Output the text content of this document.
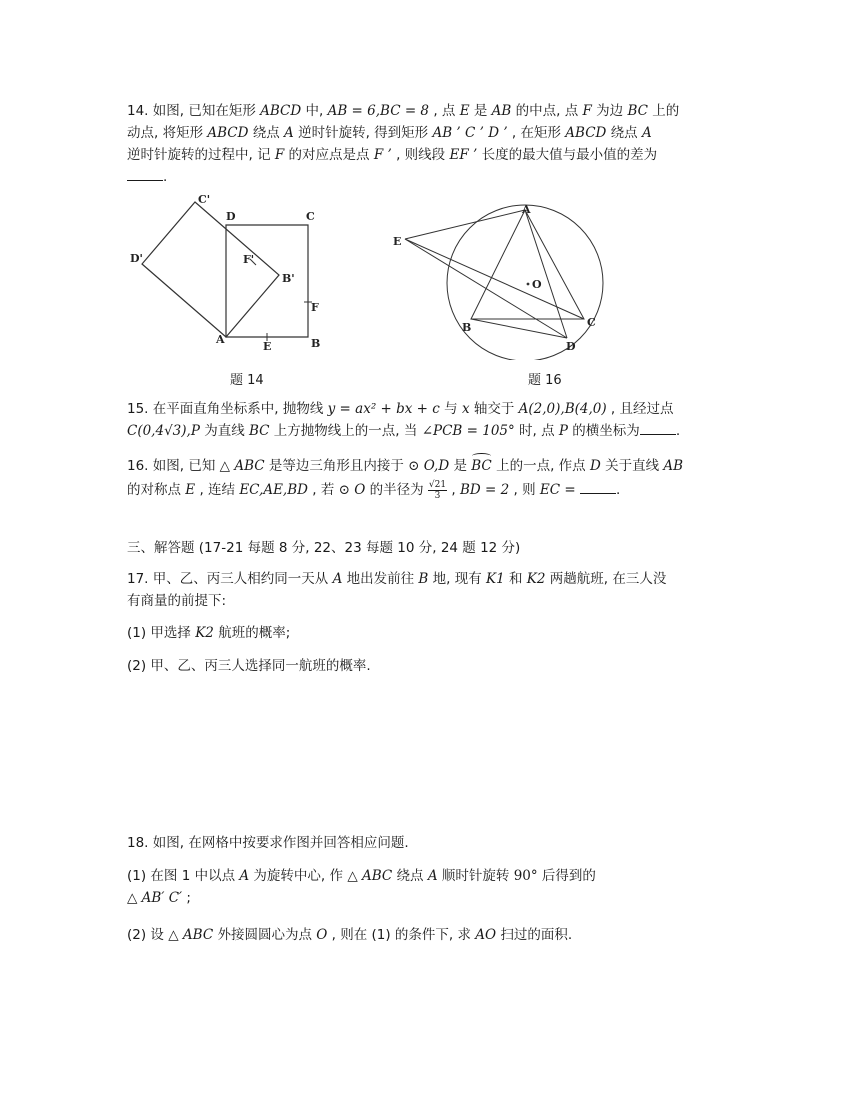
14. 如图, 已知在矩形 ABCD 中, AB = 6,BC = 8 , 点 E 是 AB 的中点, 点 F 为边 BC 上的
动点, 将矩形 ABCD 绕点 A 逆时针旋转, 得到矩形 AB ’ C ’ D ’ , 在矩形 ABCD 绕点 A
逆时针旋转的过程中, 记 F 的对应点是点 F ’ , 则线段 EF ’ 长度的最大值与最小值的差为
.
C'
D	C
D'	F'
B'
F
A
E	B
题 14
A
E
O
B	C
D
题 16
15. 在平面直角坐标系中, 抛物线 y = ax² + bx + c 与 x 轴交于 A(2,0),B(4,0) , 且经过点
C(0,4√3),P 为直线 BC 上方抛物线上的一点, 当 ∠PCB = 105° 时, 点 P 的横坐标为	.
16. 如图, 已知 △ ABC 是等边三角形且内接于 ⊙ O,D 是 BC 上的一点, 作点 D 关于直线 AB
的对称点 E , 连结 EC,AE,BD , 若 ⊙ O 的半径为 $\frac{√21}{3}$ , BD = 2 , 则 EC =	.
三、解答题 (17-21 每题 8 分, 22、23 每题 10 分, 24 题 12 分)
17. 甲、乙、丙三人相约同一天从 A 地出发前往 B 地, 现有 K1 和 K2 两趟航班, 在三人没
有商量的前提下:
(1) 甲选择 K2 航班的概率;
(2) 甲、乙、丙三人选择同一航班的概率.
18. 如图, 在网格中按要求作图并回答相应问题.
(1) 在图 1 中以点 A 为旋转中心, 作 △ ABC 绕点 A 顺时针旋转 90° 后得到的
△ AB′ C′ ;
(2) 设 △ ABC 外接圆圆心为点 O , 则在 (1) 的条件下, 求 AO 扫过的面积.
